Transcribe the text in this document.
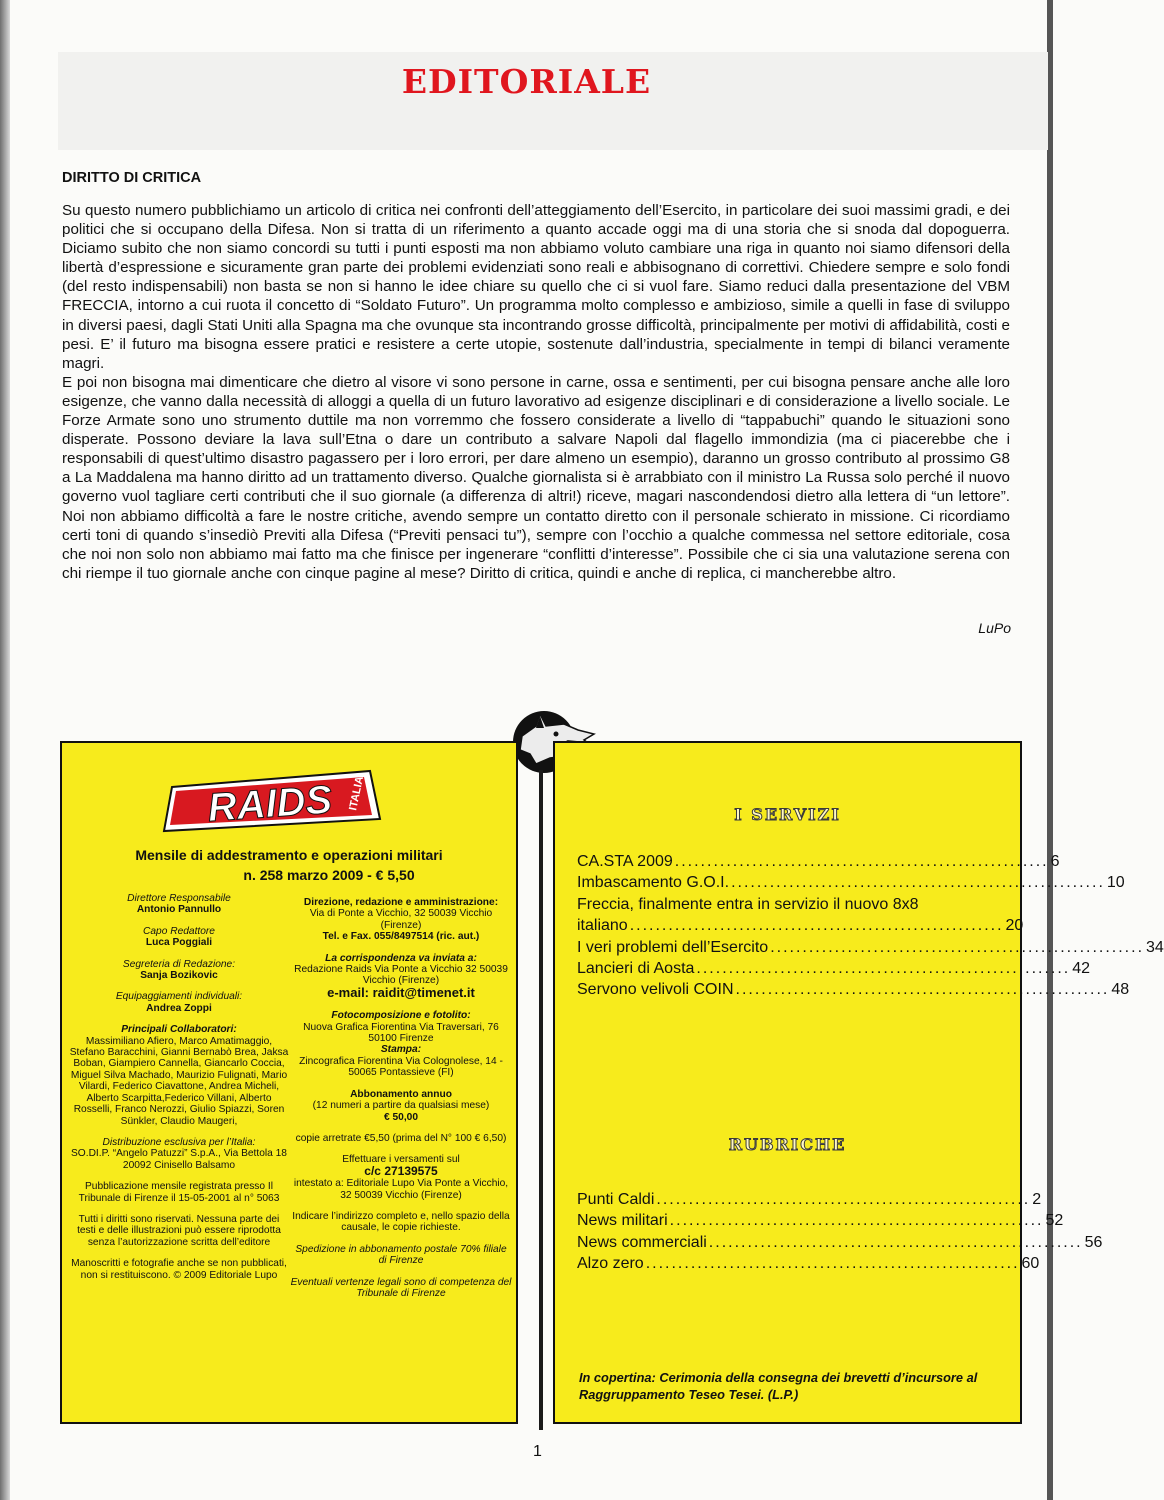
EDITORIALE
DIRITTO DI CRITICA

Su questo numero pubblichiamo un articolo di critica nei confronti dell’atteggiamento dell’Esercito, in particolare dei suoi massimi gradi, e dei politici che si occupano della Difesa. Non si tratta di un riferimento a quanto accade oggi ma di una storia che si snoda dal dopoguerra. Diciamo subito che non siamo concordi su tutti i punti esposti ma non abbiamo voluto cambiare una riga in quanto noi siamo difensori della libertà d’espressione e sicuramente gran parte dei problemi evidenziati sono reali e abbisognano di correttivi. Chiedere sempre e solo fondi (del resto indispensabili) non basta se non si hanno le idee chiare su quello che ci si vuol fare. Siamo reduci dalla presentazione del VBM FRECCIA, intorno a cui ruota il concetto di “Soldato Futuro”. Un programma molto complesso e ambizioso, simile a quelli in fase di sviluppo in diversi paesi, dagli Stati Uniti alla Spagna ma che ovunque sta incontrando grosse difficoltà, principalmente per motivi di affidabilità, costi e pesi. E’ il futuro ma bisogna essere pratici e resistere a certe utopie, sostenute dall’industria, specialmente in tempi di bilanci veramente magri.

E poi non bisogna mai dimenticare che dietro al visore vi sono persone in carne, ossa e sentimenti, per cui bisogna pensare anche alle loro esigenze, che vanno dalla necessità di alloggi a quella di un futuro lavorativo ad esigenze disciplinari e di considerazione a livello sociale. Le Forze Armate sono uno strumento duttile ma non vorremmo che fossero considerate a livello di “tappabuchi” quando le situazioni sono disperate. Possono deviare la lava sull’Etna o dare un contributo a salvare Napoli dal flagello immondizia (ma ci piacerebbe che i responsabili di quest’ultimo disastro pagassero per i loro errori, per dare almeno un esempio), daranno un grosso contributo al prossimo G8 a La Maddalena ma hanno diritto ad un trattamento diverso. Qualche giornalista si è arrabbiato con il ministro La Russa solo perché il nuovo governo vuol tagliare certi contributi che il suo giornale (a differenza di altri!) riceve, magari nascondendosi dietro alla lettera di “un lettore”. Noi non abbiamo difficoltà a fare le nostre critiche, avendo sempre un contatto diretto con il personale schierato in missione. Ci ricordiamo certi toni di quando s’insediò Previti alla Difesa (“Previti pensaci tu”), sempre con l’occhio a qualche commessa nel settore editoriale, cosa che noi non solo non abbiamo mai fatto ma che finisce per ingenerare “conflitti d’interesse”. Possibile che ci sia una valutazione serena con chi riempe il tuo giornale anche con cinque pagine al mese? Diritto di critica, quindi e anche di replica, ci mancherebbe altro.

LuPo
RAIDS ITALIA
Mensile di addestramento e operazioni militari
n. 258 marzo 2009 - € 5,50

Direttore Responsabile
Antonio Pannullo

Capo Redattore
Luca Poggiali

Segreteria di Redazione:
Sanja Bozikovic

Equipaggiamenti individuali:
Andrea Zoppi

Principali Collaboratori:
Massimiliano Afiero, Marco Amatimaggio, Stefano Baracchini, Gianni Bernabò Brea, Jaksa Boban, Giampiero Cannella, Giancarlo Coccia, Miguel Silva Machado, Maurizio Fulignati, Mario Vilardi, Federico Ciavattone, Andrea Micheli, Alberto Scarpitta,Federico Villani, Alberto Rosselli, Franco Nerozzi, Giulio Spiazzi, Soren Sünkler, Claudio Maugeri,

Distribuzione esclusiva per l’Italia:
SO.DI.P. “Angelo Patuzzi” S.p.A., Via Bettola 18 20092 Cinisello Balsamo

Pubblicazione mensile registrata presso Il Tribunale di Firenze il 15-05-2001 al n° 5063

Tutti i diritti sono riservati. Nessuna parte dei testi e delle illustrazioni può essere riprodotta senza l’autorizzazione scritta dell’editore

Manoscritti e fotografie anche se non pubblicati, non si restituiscono. © 2009 Editoriale Lupo

Direzione, redazione e amministrazione:
Via di Ponte a Vicchio, 32 50039 Vicchio (Firenze)
Tel. e Fax. 055/8497514 (ric. aut.)

La corrispondenza va inviata a:
Redazione Raids Via Ponte a Vicchio 32 50039 Vicchio (Firenze)
e-mail: raidit@timenet.it

Fotocomposizione e fotolito:
Nuova Grafica Fiorentina Via Traversari, 76 50100 Firenze
Stampa:
Zincografica Fiorentina Via Colognolese, 14 - 50065 Pontassieve (FI)

Abbonamento annuo
(12 numeri a partire da qualsiasi mese)
€ 50,00

copie arretrate €5,50 (prima del N° 100 € 6,50)

Effettuare i versamenti sul
c/c 27139575
intestato a: Editoriale Lupo Via Ponte a Vicchio, 32 50039 Vicchio (Firenze)

Indicare l’indirizzo completo e, nello spazio della causale, le copie richieste.

Spedizione in abbonamento postale 70% filiale di Firenze

Eventuali vertenze legali sono di competenza del Tribunale di Firenze

I SERVIZI
CA.STA 2009 .......................................................... 6
Imbascamento G.O.I. .......................................................... 10
Freccia, finalmente entra in servizio il nuovo 8x8
italiano .......................................................... 20
I veri problemi dell’Esercito .......................................................... 34
Lancieri di Aosta .......................................................... 42
Servono velivoli COIN .......................................................... 48
RUBRICHE
Punti Caldi .......................................................... 2
News militari .......................................................... 52
News commerciali .......................................................... 56
Alzo zero .......................................................... 60
In copertina: Cerimonia della consegna dei brevetti d’incursore al Raggruppamento Teseo Tesei. (L.P.)
1
